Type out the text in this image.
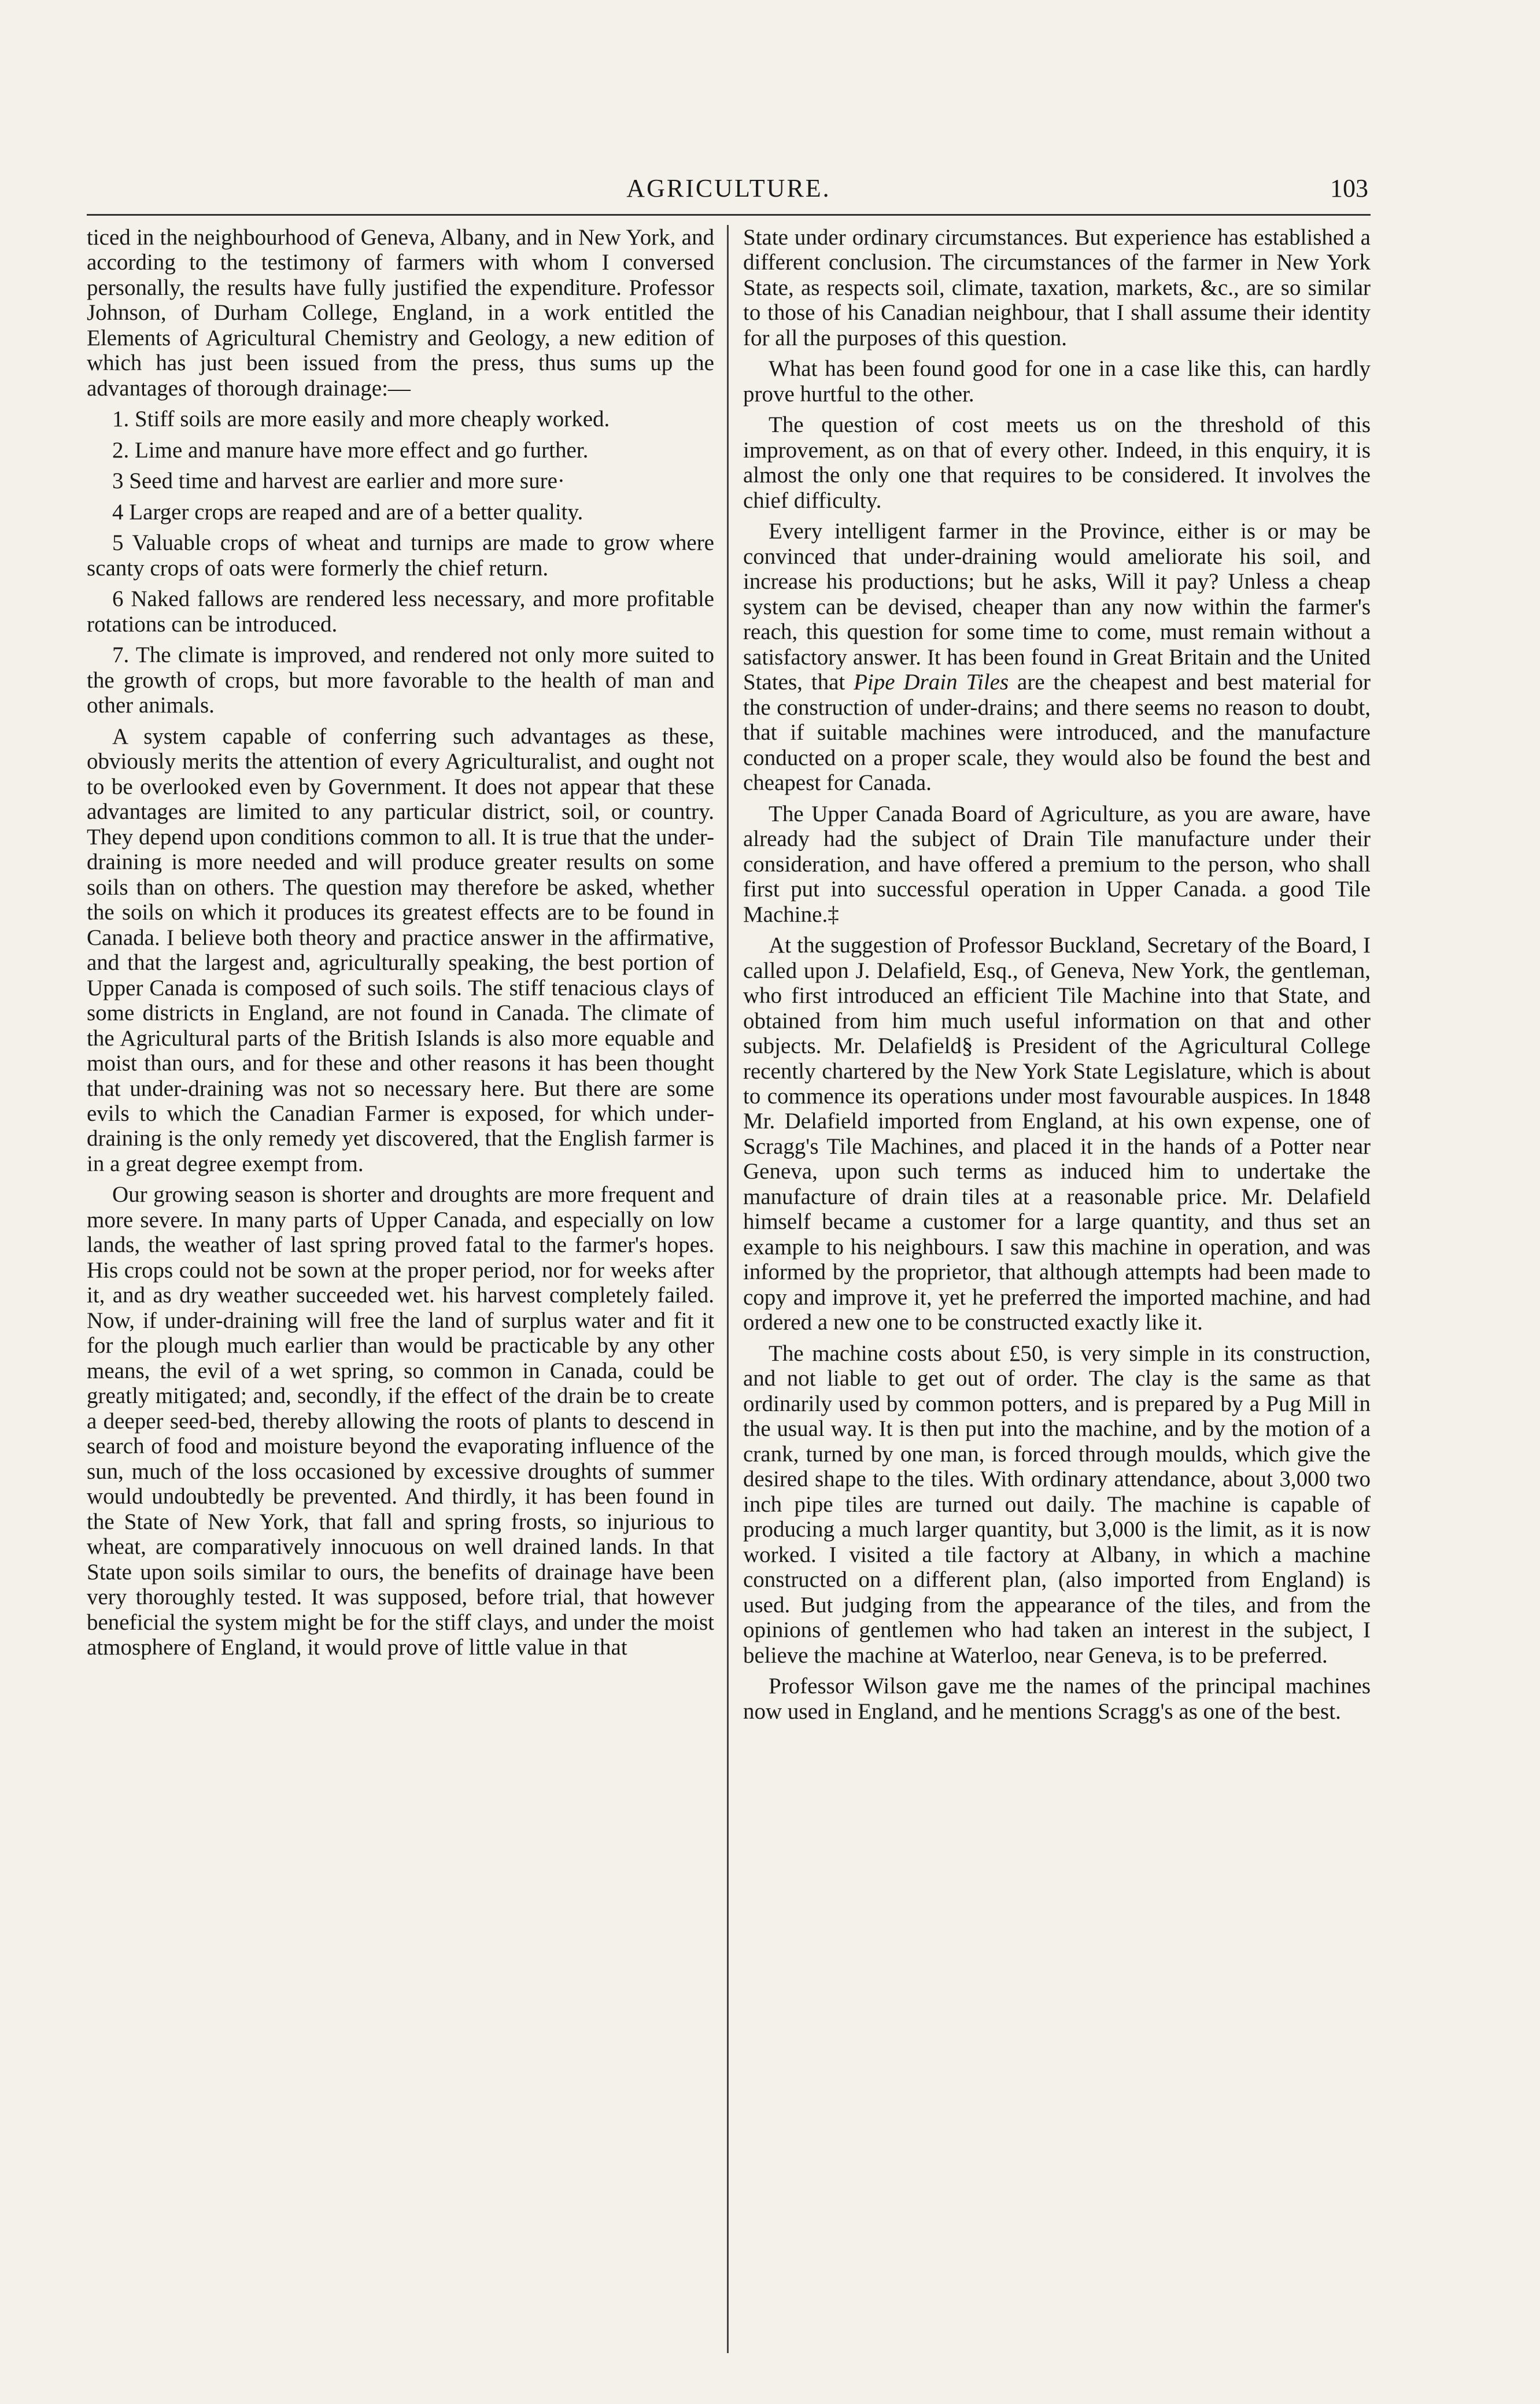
AGRICULTURE.	103

ticed in the neighbourhood of Geneva, Albany, and in New York, and according to the testimony of farmers with whom I conversed personally, the results have fully justified the expenditure. Professor Johnson, of Durham College, England, in a work entitled the Elements of Agricultural Chemistry and Geology, a new edition of which has just been issued from the press, thus sums up the advantages of thorough drainage:—

1. Stiff soils are more easily and more cheaply worked.
2. Lime and manure have more effect and go further.
3 Seed time and harvest are earlier and more sure·
4 Larger crops are reaped and are of a better quality.
5 Valuable crops of wheat and turnips are made to grow where scanty crops of oats were formerly the chief return.
6 Naked fallows are rendered less necessary, and more profitable rotations can be introduced.
7. The climate is improved, and rendered not only more suited to the growth of crops, but more favorable to the health of man and other animals.

A system capable of conferring such advantages as these, obviously merits the attention of every Agriculturalist, and ought not to be overlooked even by Government. It does not appear that these advantages are limited to any particular district, soil, or country. They depend upon conditions common to all. It is true that the under-draining is more needed and will produce greater results on some soils than on others. The question may therefore be asked, whether the soils on which it produces its greatest effects are to be found in Canada. I believe both theory and practice answer in the affirmative, and that the largest and, agriculturally speaking, the best portion of Upper Canada is composed of such soils. The stiff tenacious clays of some districts in England, are not found in Canada. The climate of the Agricultural parts of the British Islands is also more equable and moist than ours, and for these and other reasons it has been thought that under-draining was not so necessary here. But there are some evils to which the Canadian Farmer is exposed, for which under-draining is the only remedy yet discovered, that the English farmer is in a great degree exempt from.

Our growing season is shorter and droughts are more frequent and more severe. In many parts of Upper Canada, and especially on low lands, the weather of last spring proved fatal to the farmer's hopes. His crops could not be sown at the proper period, nor for weeks after it, and as dry weather succeeded wet. his harvest completely failed. Now, if under-draining will free the land of surplus water and fit it for the plough much earlier than would be practicable by any other means, the evil of a wet spring, so common in Canada, could be greatly mitigated; and, secondly, if the effect of the drain be to create a deeper seed-bed, thereby allowing the roots of plants to descend in search of food and moisture beyond the evaporating influence of the sun, much of the loss occasioned by excessive droughts of summer would undoubtedly be prevented. And thirdly, it has been found in the State of New York, that fall and spring frosts, so injurious to wheat, are comparatively innocuous on well drained lands. In that State upon soils similar to ours, the benefits of drainage have been very thoroughly tested. It was supposed, before trial, that however beneficial the system might be for the stiff clays, and under the moist atmosphere of England, it would prove of little value in that

State under ordinary circumstances. But experience has established a different conclusion. The circumstances of the farmer in New York State, as respects soil, climate, taxation, markets, &c., are so similar to those of his Canadian neighbour, that I shall assume their identity for all the purposes of this question.

What has been found good for one in a case like this, can hardly prove hurtful to the other.

The question of cost meets us on the threshold of this improvement, as on that of every other. Indeed, in this enquiry, it is almost the only one that requires to be considered. It involves the chief difficulty.

Every intelligent farmer in the Province, either is or may be convinced that under-draining would ameliorate his soil, and increase his productions; but he asks, Will it pay? Unless a cheap system can be devised, cheaper than any now within the farmer's reach, this question for some time to come, must remain without a satisfactory answer. It has been found in Great Britain and the United States, that Pipe Drain Tiles are the cheapest and best material for the construction of under-drains; and there seems no reason to doubt, that if suitable machines were introduced, and the manufacture conducted on a proper scale, they would also be found the best and cheapest for Canada.

The Upper Canada Board of Agriculture, as you are aware, have already had the subject of Drain Tile manufacture under their consideration, and have offered a premium to the person, who shall first put into successful operation in Upper Canada. a good Tile Machine.‡

At the suggestion of Professor Buckland, Secretary of the Board, I called upon J. Delafield, Esq., of Geneva, New York, the gentleman, who first introduced an efficient Tile Machine into that State, and obtained from him much useful information on that and other subjects. Mr. Delafield§ is President of the Agricultural College recently chartered by the New York State Legislature, which is about to commence its operations under most favourable auspices. In 1848 Mr. Delafield imported from England, at his own expense, one of Scragg's Tile Machines, and placed it in the hands of a Potter near Geneva, upon such terms as induced him to undertake the manufacture of drain tiles at a reasonable price. Mr. Delafield himself became a customer for a large quantity, and thus set an example to his neighbours. I saw this machine in operation, and was informed by the proprietor, that although attempts had been made to copy and improve it, yet he preferred the imported machine, and had ordered a new one to be constructed exactly like it.

The machine costs about £50, is very simple in its construction, and not liable to get out of order. The clay is the same as that ordinarily used by common potters, and is prepared by a Pug Mill in the usual way. It is then put into the machine, and by the motion of a crank, turned by one man, is forced through moulds, which give the desired shape to the tiles. With ordinary attendance, about 3,000 two inch pipe tiles are turned out daily. The machine is capable of producing a much larger quantity, but 3,000 is the limit, as it is now worked. I visited a tile factory at Albany, in which a machine constructed on a different plan, (also imported from England) is used. But judging from the appearance of the tiles, and from the opinions of gentlemen who had taken an interest in the subject, I believe the machine at Waterloo, near Geneva, is to be preferred.

Professor Wilson gave me the names of the principal machines now used in England, and he mentions Scragg's as one of the best.
